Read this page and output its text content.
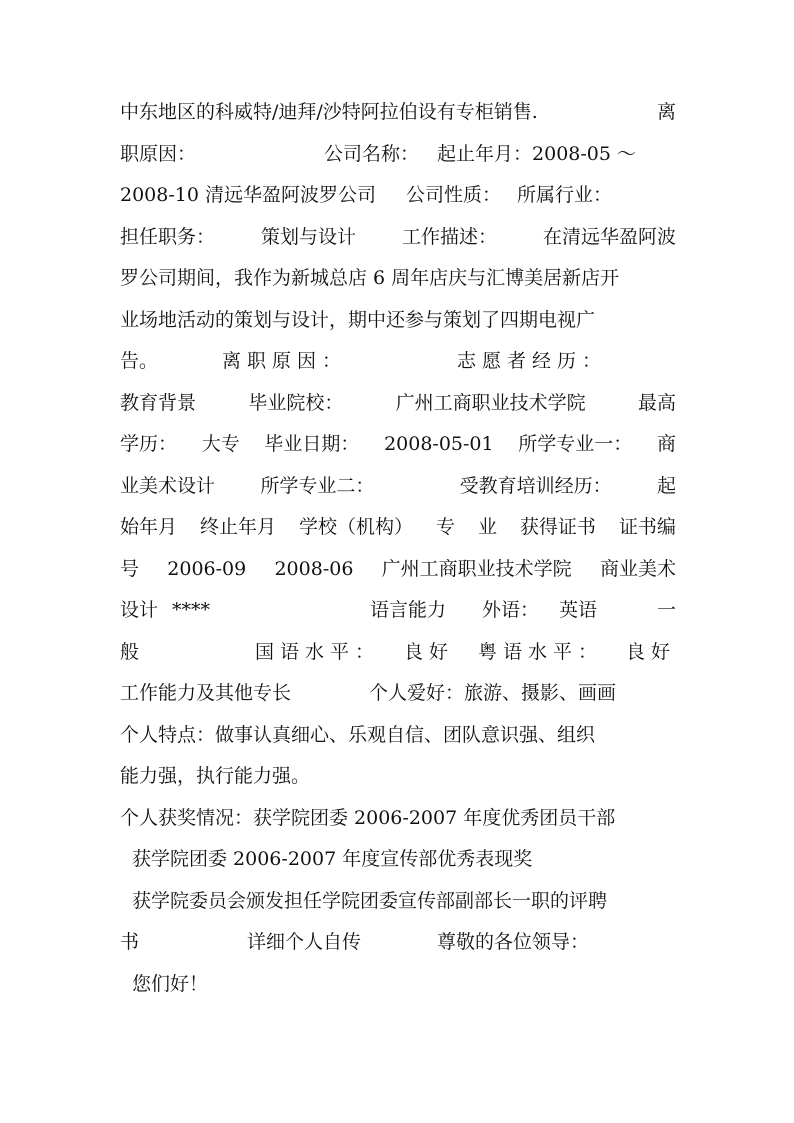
中东地区的科威特/迪拜/沙特阿拉伯设有专柜销售.	离
职原因：	公司名称： 起止年月：2008-05 ～
2008-10 清远华盈阿波罗公司 公司性质： 所属行业：
担任职务： 策划与设计 工作描述： 在清远华盈阿波
罗公司期间，我作为新城总店 6 周年店庆与汇博美居新店开
业场地活动的策划与设计，期中还参与策划了四期电视广
告。	离职原因：	志愿者经历：
教育背景	毕业院校：	广州工商职业技术学院	最高
学历： 大专 毕业日期： 2008-05-01 所学专业一： 商
业美术设计 所学专业二：	受教育培训经历： 起
始年月 终止年月 学校（机构） 专 业 获得证书 证书编
号 2006-09 2008-06 广州工商职业技术学院 商业美术
设计 ****	语言能力 外语： 英语	一
般	国语水平： 良好 粤语水平： 良好
工作能力及其他专长	个人爱好：旅游、摄影、画画
个人特点：做事认真细心、乐观自信、团队意识强、组织
能力强，执行能力强。
个人获奖情况：获学院团委 2006-2007 年度优秀团员干部
获学院团委 2006-2007 年度宣传部优秀表现奖
获学院委员会颁发担任学院团委宣传部副部长一职的评聘
书	详细个人自传	尊敬的各位领导：
您们好！
